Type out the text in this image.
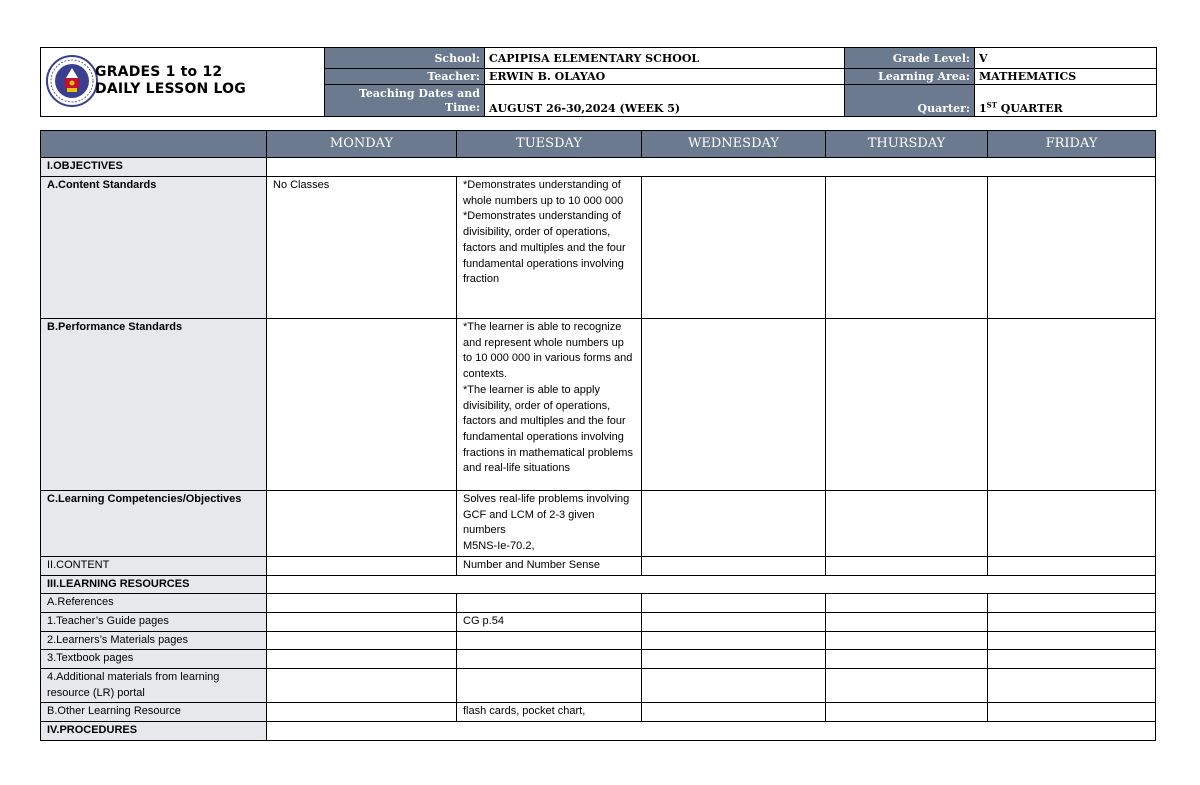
GRADES 1 to 12
DAILY LESSON LOG
School:	CAPIPISA ELEMENTARY SCHOOL	Grade Level:	V
Teacher:	ERWIN B. OLAYAO	Learning Area:	MATHEMATICS

Teaching Dates and
Time:	AUGUST 26-30,2024 (WEEK 5)	Quarter:	1ST QUARTER
	MONDAY	TUESDAY	WEDNESDAY	THURSDAY	FRIDAY
I.OBJECTIVES					
A.Content Standards	No Classes	*Demonstrates understanding of whole numbers up to 10 000 000
*Demonstrates understanding of divisibility, order of operations, factors and multiples and the four fundamental operations involving fraction			
B.Performance Standards		*The learner is able to recognize and represent whole numbers up to 10 000 000 in various forms and contexts.
*The learner is able to apply divisibility, order of operations, factors and multiples and the four fundamental operations involving fractions in mathematical problems and real-life situations			
C.Learning Competencies/Objectives		Solves real-life problems involving GCF and LCM of 2-3 given numbers
M5NS-Ie-70.2,			
II.CONTENT		Number and Number Sense			
III.LEARNING RESOURCES					
A.References					
1.Teacher’s Guide pages		CG p.54			
2.Learners’s Materials pages					
3.Textbook pages					
4.Additional materials from learning resource (LR) portal					
B.Other Learning Resource		flash cards, pocket chart,			
IV.PROCEDURES					
